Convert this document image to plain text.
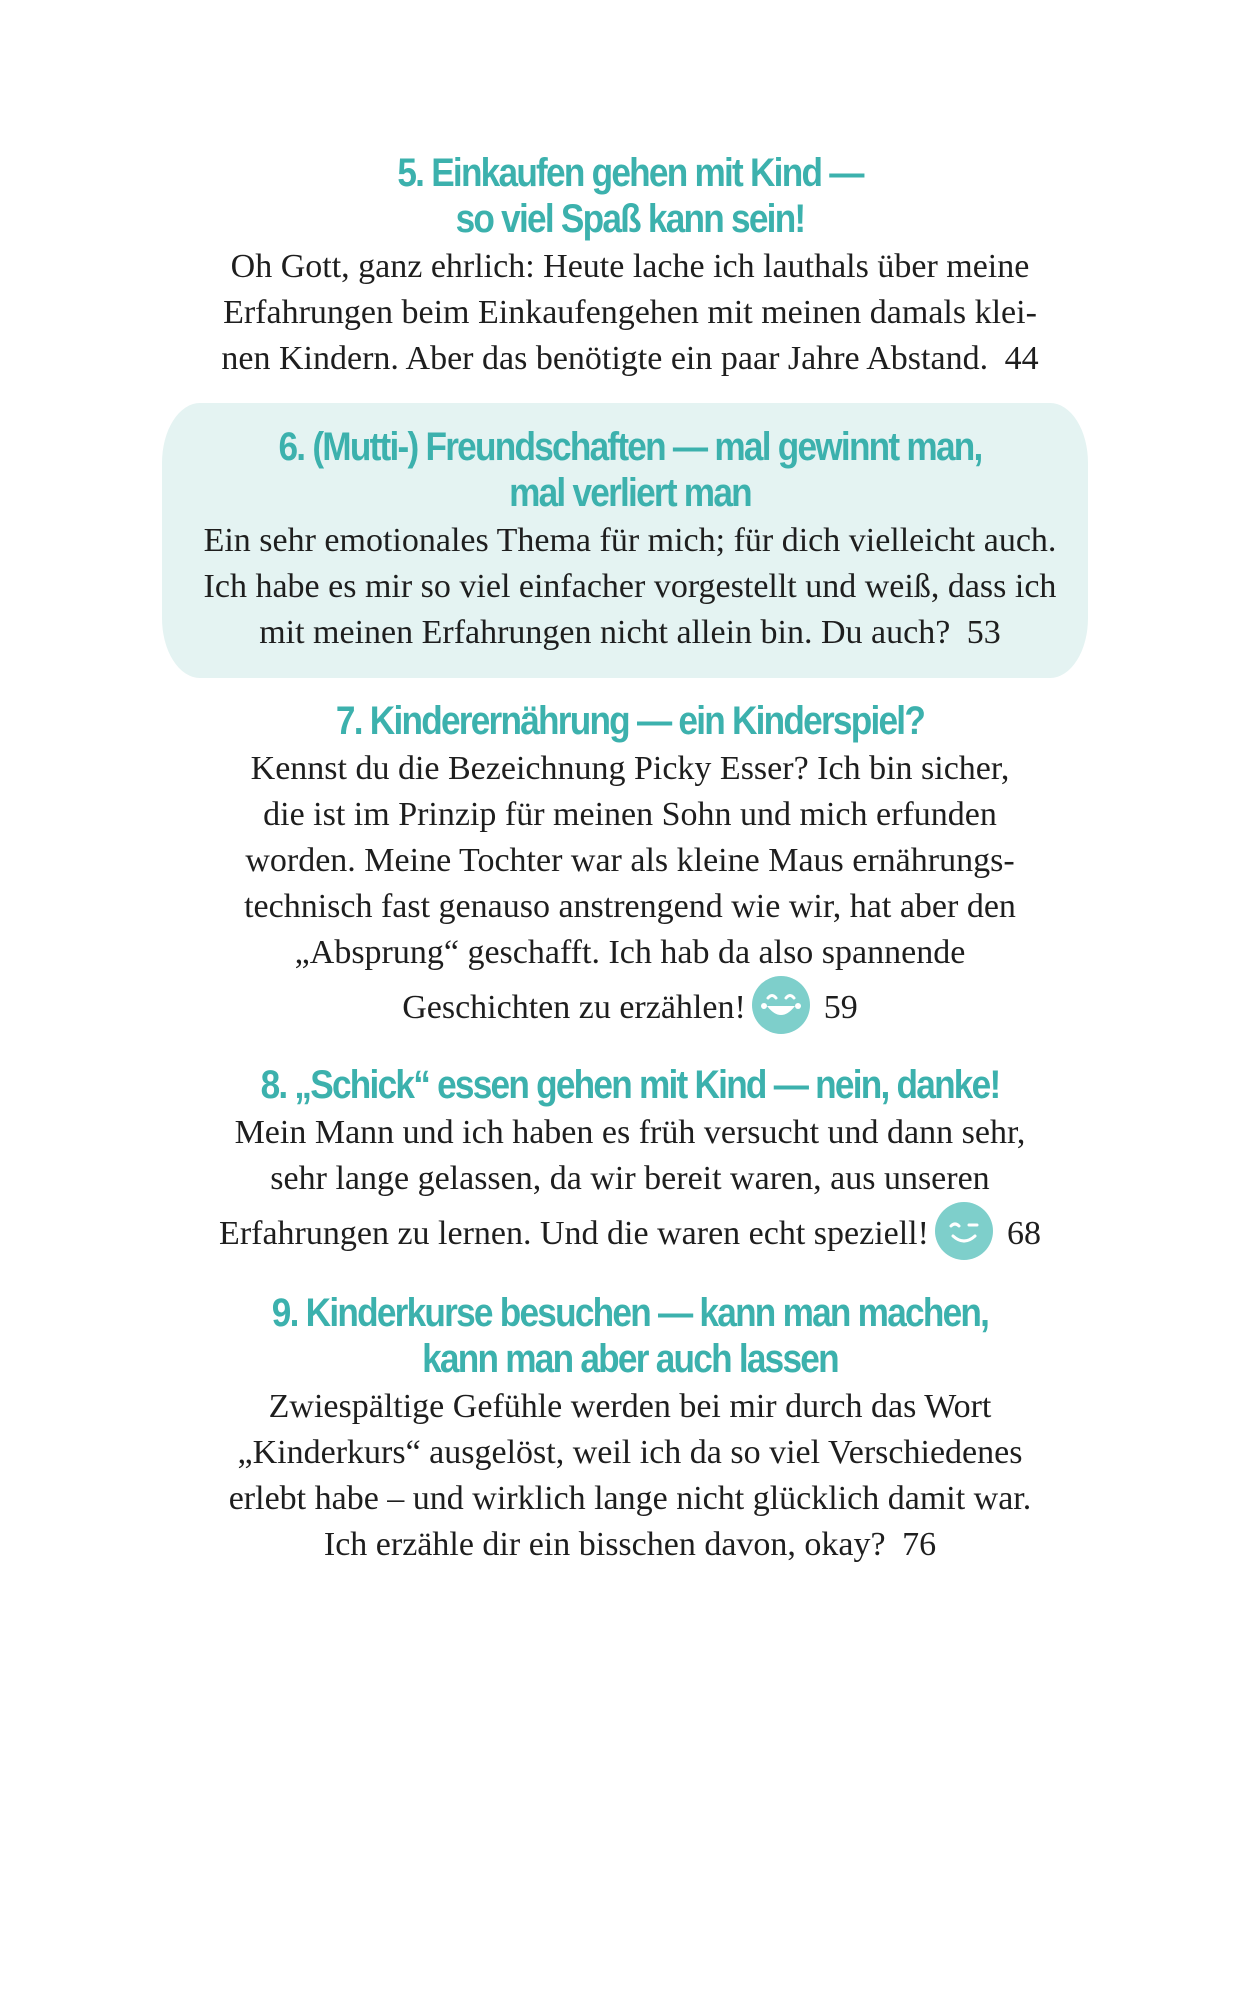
5. Einkaufen gehen mit Kind —
so viel Spaß kann sein!
Oh Gott, ganz ehrlich: Heute lache ich lauthals über meine
Erfahrungen beim Einkaufengehen mit meinen damals klei-
nen Kindern. Aber das benötigte ein paar Jahre Abstand. 44
6. (Mutti-) Freundschaften — mal gewinnt man,
mal verliert man
Ein sehr emotionales Thema für mich; für dich vielleicht auch.
Ich habe es mir so viel einfacher vorgestellt und weiß, dass ich
mit meinen Erfahrungen nicht allein bin. Du auch? 53
7. Kinderernährung — ein Kinderspiel?
Kennst du die Bezeichnung Picky Esser? Ich bin sicher,
die ist im Prinzip für meinen Sohn und mich erfunden
worden. Meine Tochter war als kleine Maus ernährungs-
technisch fast genauso anstrengend wie wir, hat aber den
„Absprung“ geschafft. Ich hab da also spannende
Geschichten zu erzählen! 59
8. „Schick“ essen gehen mit Kind — nein, danke!
Mein Mann und ich haben es früh versucht und dann sehr,
sehr lange gelassen, da wir bereit waren, aus unseren
Erfahrungen zu lernen. Und die waren echt speziell! 68
9. Kinderkurse besuchen — kann man machen,
kann man aber auch lassen
Zwiespältige Gefühle werden bei mir durch das Wort
„Kinderkurs“ ausgelöst, weil ich da so viel Verschiedenes
erlebt habe – und wirklich lange nicht glücklich damit war.
Ich erzähle dir ein bisschen davon, okay? 76
